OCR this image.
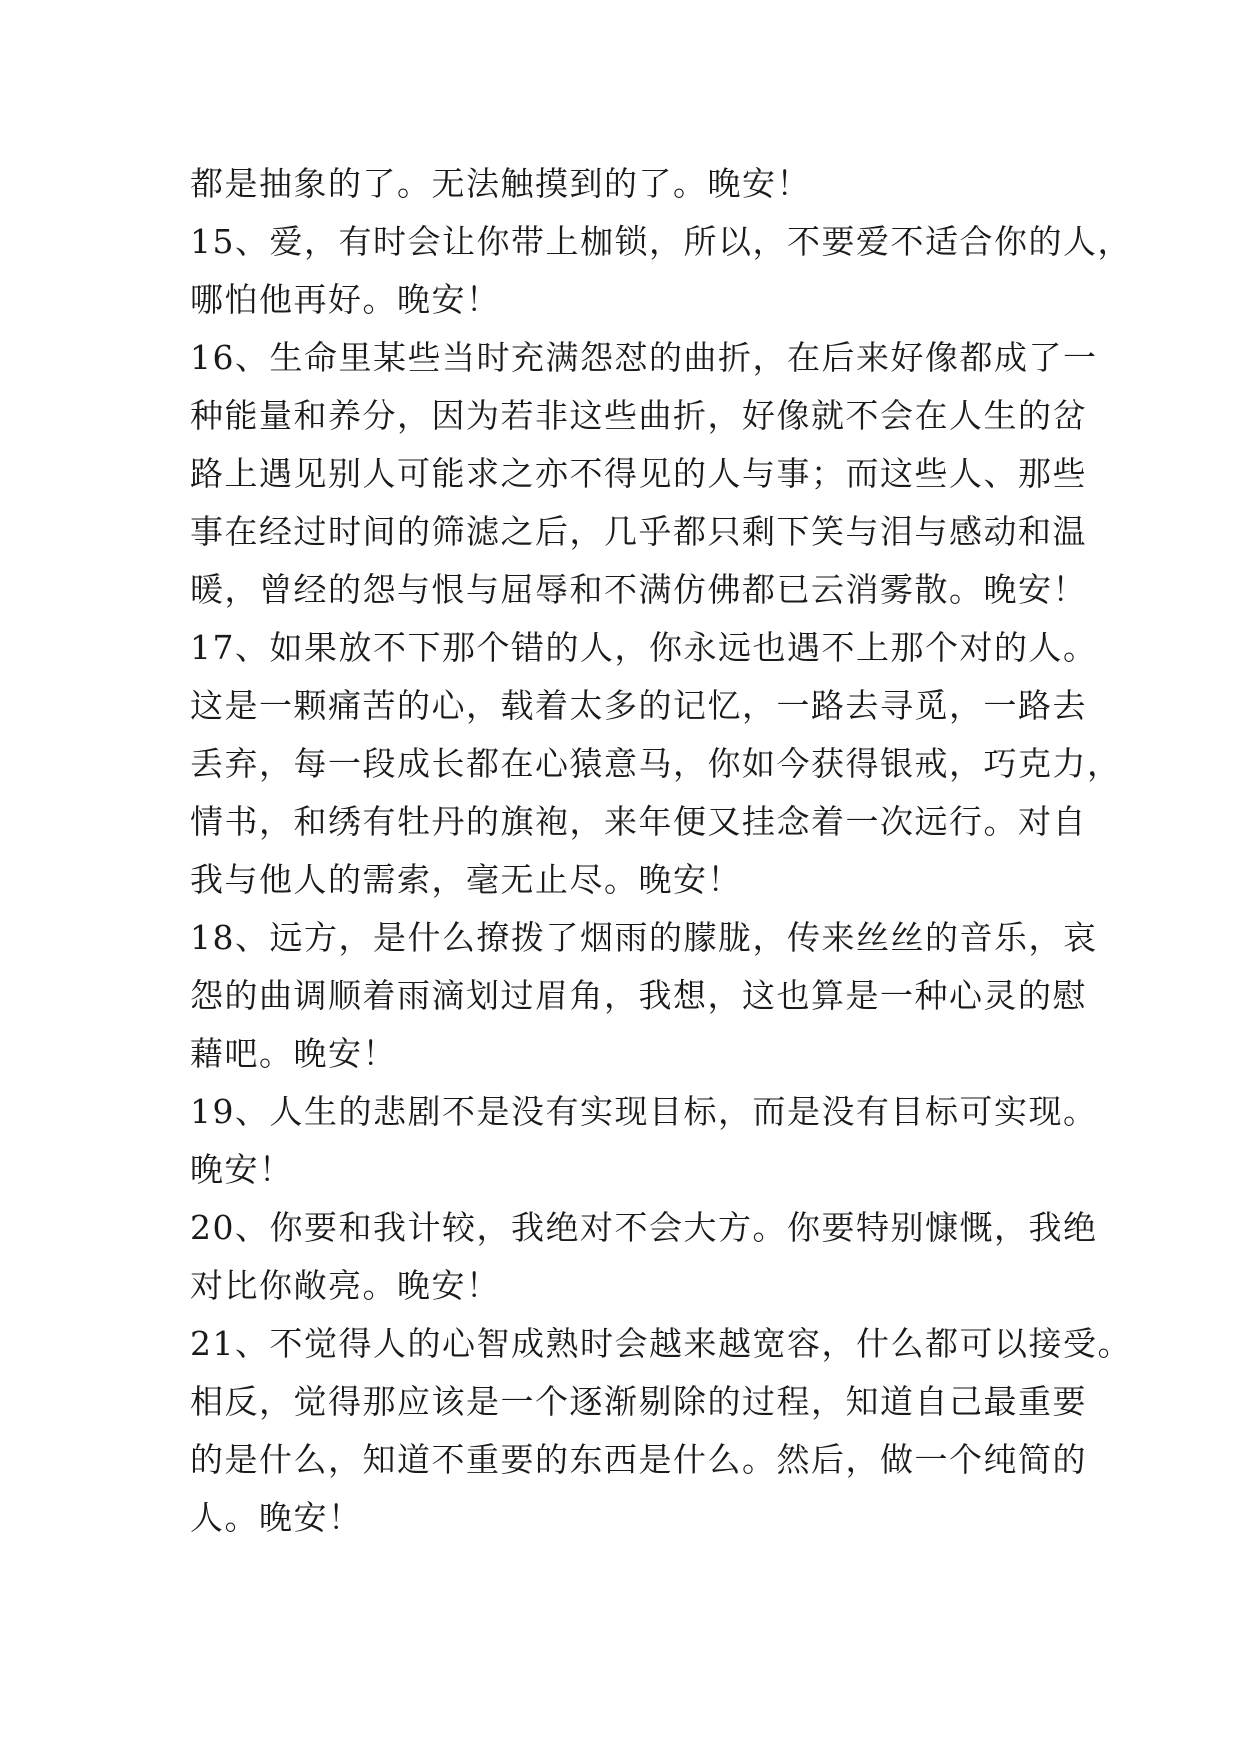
都是抽象的了。无法触摸到的了。晚安！
15、爱，有时会让你带上枷锁，所以，不要爱不适合你的人，
哪怕他再好。晚安！
16、生命里某些当时充满怨怼的曲折，在后来好像都成了一
种能量和养分，因为若非这些曲折，好像就不会在人生的岔
路上遇见别人可能求之亦不得见的人与事；而这些人、那些
事在经过时间的筛滤之后，几乎都只剩下笑与泪与感动和温
暖，曾经的怨与恨与屈辱和不满仿佛都已云消雾散。晚安！
17、如果放不下那个错的人，你永远也遇不上那个对的人。
这是一颗痛苦的心，载着太多的记忆，一路去寻觅，一路去
丢弃，每一段成长都在心猿意马，你如今获得银戒，巧克力，
情书，和绣有牡丹的旗袍，来年便又挂念着一次远行。对自
我与他人的需索，毫无止尽。晚安！
18、远方，是什么撩拨了烟雨的朦胧，传来丝丝的音乐，哀
怨的曲调顺着雨滴划过眉角，我想，这也算是一种心灵的慰
藉吧。晚安！
19、人生的悲剧不是没有实现目标，而是没有目标可实现。
晚安！
20、你要和我计较，我绝对不会大方。你要特别慷慨，我绝
对比你敞亮。晚安！
21、不觉得人的心智成熟时会越来越宽容，什么都可以接受。
相反，觉得那应该是一个逐渐剔除的过程，知道自己最重要
的是什么，知道不重要的东西是什么。然后，做一个纯简的
人。晚安！
